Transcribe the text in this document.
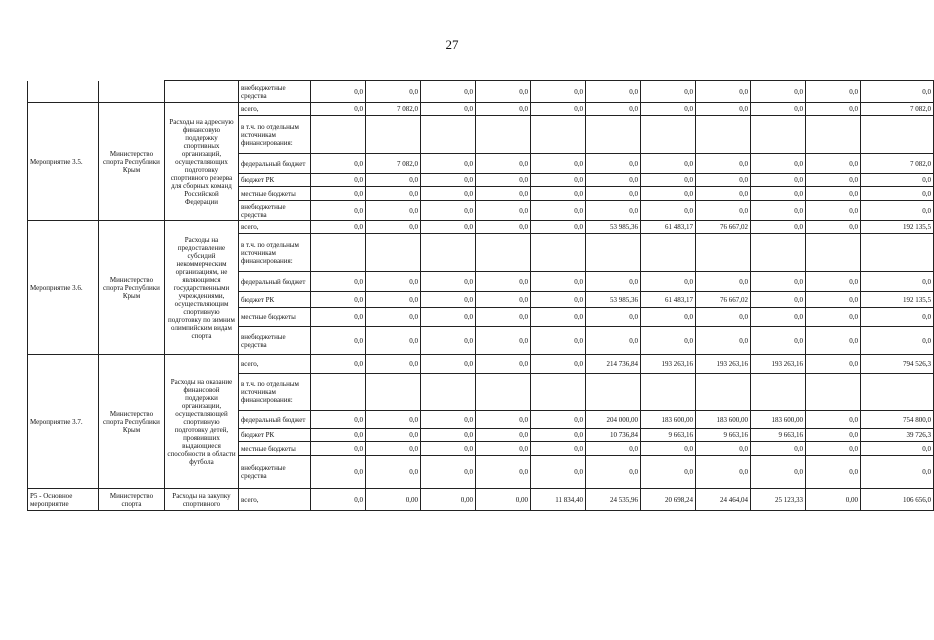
27
			внебюджетные средства	0,0	0,0	0,0	0,0	0,0	0,0	0,0	0,0	0,0	0,0	0,0
Мероприятие 3.5.	Министерство спорта Республики Крым	Расходы на адресную финансовую поддержку спортивных организаций, осуществляющих подготовку спортивного резерва для сборных команд Российской Федерации	всего,	0,0	7 082,0	0,0	0,0	0,0	0,0	0,0	0,0	0,0	0,0	7 082,0
			в т.ч. по отдельным источникам финансирования:											
			федеральный бюджет	0,0	7 082,0	0,0	0,0	0,0	0,0	0,0	0,0	0,0	0,0	7 082,0
			бюджет РК	0,0	0,0	0,0	0,0	0,0	0,0	0,0	0,0	0,0	0,0	0,0
			местные бюджеты	0,0	0,0	0,0	0,0	0,0	0,0	0,0	0,0	0,0	0,0	0,0
			внебюджетные средства	0,0	0,0	0,0	0,0	0,0	0,0	0,0	0,0	0,0	0,0	0,0
Мероприятие 3.6.	Министерство спорта Республики Крым	Расходы на предоставление субсидий некоммерческим организациям, не являющимся государственными учреждениями, осуществляющим спортивную подготовку по зимним олимпийским видам спорта	всего,	0,0	0,0	0,0	0,0	0,0	53 985,36	61 483,17	76 667,02	0,0	0,0	192 135,5
			в т.ч. по отдельным источникам финансирования:											
			федеральный бюджет	0,0	0,0	0,0	0,0	0,0	0,0	0,0	0,0	0,0	0,0	0,0
			бюджет РК	0,0	0,0	0,0	0,0	0,0	53 985,36	61 483,17	76 667,02	0,0	0,0	192 135,5
			местные бюджеты	0,0	0,0	0,0	0,0	0,0	0,0	0,0	0,0	0,0	0,0	0,0
			внебюджетные средства	0,0	0,0	0,0	0,0	0,0	0,0	0,0	0,0	0,0	0,0	0,0
Мероприятие 3.7.	Министерство спорта Республики Крым	Расходы на оказание финансовой поддержки организации, осуществляющей спортивную подготовку детей, проявивших выдающиеся способности в области футбола	всего,	0,0	0,0	0,0	0,0	0,0	214 736,84	193 263,16	193 263,16	193 263,16	0,0	794 526,3
			в т.ч. по отдельным источникам финансирования:											
			федеральный бюджет	0,0	0,0	0,0	0,0	0,0	204 000,00	183 600,00	183 600,00	183 600,00	0,0	754 800,0
			бюджет РК	0,0	0,0	0,0	0,0	0,0	10 736,84	9 663,16	9 663,16	9 663,16	0,0	39 726,3
			местные бюджеты	0,0	0,0	0,0	0,0	0,0	0,0	0,0	0,0	0,0	0,0	0,0
			внебюджетные средства	0,0	0,0	0,0	0,0	0,0	0,0	0,0	0,0	0,0	0,0	0,0
Р5 - Основное мероприятие	Министерство спорта	Расходы на закупку спортивного	всего,	0,0	0,00	0,00	0,00	11 834,40	24 535,96	20 698,24	24 464,04	25 123,33	0,00	106 656,0
